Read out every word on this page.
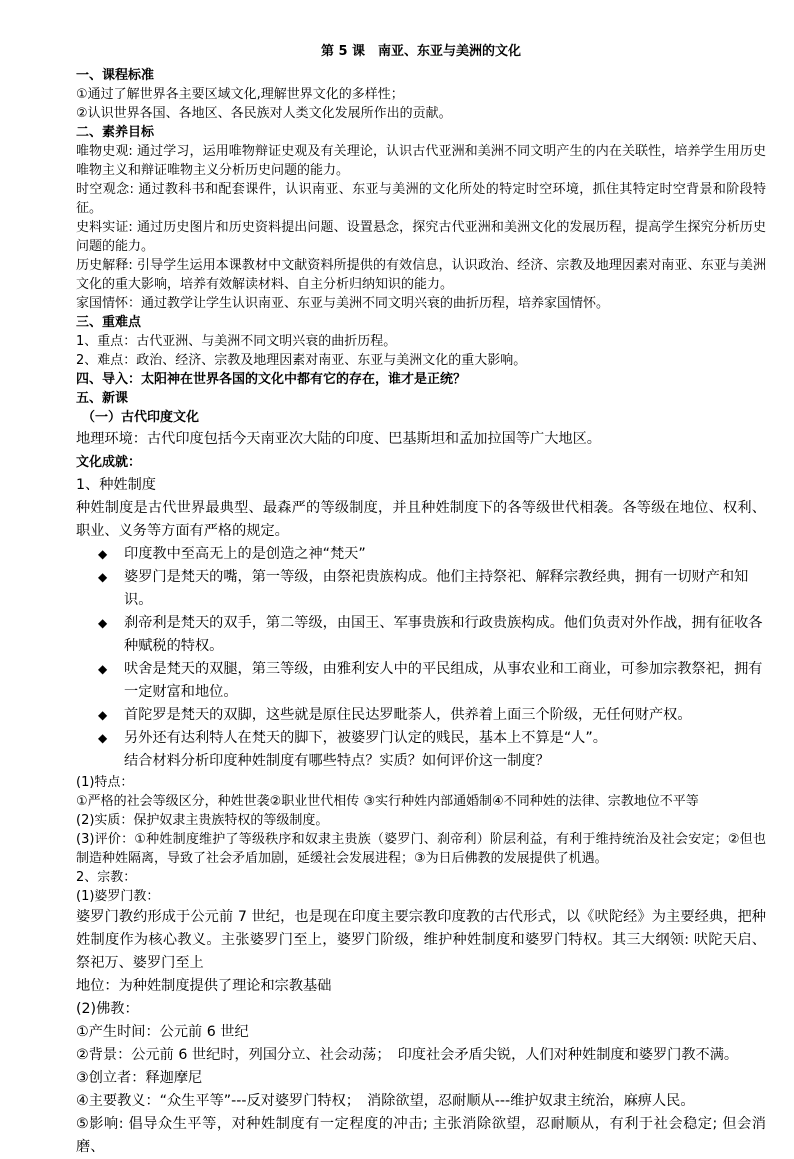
第 5 课　南亚、东亚与美洲的文化
一、课程标准
①通过了解世界各主要区域文化,理解世界文化的多样性；
②认识世界各国、各地区、各民族对人类文化发展所作出的贡献。
二、素养目标
唯物史观: 通过学习，运用唯物辩证史观及有关理论，认识古代亚洲和美洲不同文明产生的内在关联性，培养学生用历史唯物主义和辩证唯物主义分析历史问题的能力。
时空观念: 通过教科书和配套课件，认识南亚、东亚与美洲的文化所处的特定时空环境，抓住其特定时空背景和阶段特征。
史料实证: 通过历史图片和历史资料提出问题、设置悬念，探究古代亚洲和美洲文化的发展历程，提高学生探究分析历史问题的能力。
历史解释: 引导学生运用本课教材中文献资料所提供的有效信息，认识政治、经济、宗教及地理因素对南亚、东亚与美洲文化的重大影响，培养有效解读材料、自主分析归纳知识的能力。
家国情怀：通过教学让学生认识南亚、东亚与美洲不同文明兴衰的曲折历程，培养家国情怀。
三、重难点
1、重点：古代亚洲、与美洲不同文明兴衰的曲折历程。
2、难点：政治、经济、宗教及地理因素对南亚、东亚与美洲文化的重大影响。
四、导入：太阳神在世界各国的文化中都有它的存在，谁才是正统？
五、新课
（一）古代印度文化
地理环境：古代印度包括今天南亚次大陆的印度、巴基斯坦和孟加拉国等广大地区。
文化成就：
1、种姓制度
种姓制度是古代世界最典型、最森严的等级制度，并且种姓制度下的各等级世代相袭。各等级在地位、权利、职业、义务等方面有严格的规定。
◆ 印度教中至高无上的是创造之神“梵天”
◆ 婆罗门是梵天的嘴，第一等级，由祭祀贵族构成。他们主持祭祀、解释宗教经典，拥有一切财产和知识。
◆ 刹帝利是梵天的双手，第二等级，由国王、军事贵族和行政贵族构成。他们负责对外作战，拥有征收各种赋税的特权。
◆ 吠舍是梵天的双腿，第三等级，由雅利安人中的平民组成，从事农业和工商业，可参加宗教祭祀，拥有一定财富和地位。
◆ 首陀罗是梵天的双脚，这些就是原住民达罗毗荼人，供养着上面三个阶级，无任何财产权。
◆ 另外还有达利特人在梵天的脚下，被婆罗门认定的贱民，基本上不算是“人”。
结合材料分析印度种姓制度有哪些特点？实质？如何评价这一制度？
(1)特点：
①严格的社会等级区分，种姓世袭②职业世代相传 ③实行种姓内部通婚制④不同种姓的法律、宗教地位不平等
(2)实质：保护奴隶主贵族特权的等级制度。
(3)评价：①种姓制度维护了等级秩序和奴隶主贵族（婆罗门、刹帝利）阶层利益，有利于维持统治及社会安定；②但也制造种姓隔离，导致了社会矛盾加剧，延缓社会发展进程；③为日后佛教的发展提供了机遇。
2、宗教：
(1)婆罗门教：
婆罗门教约形成于公元前 7 世纪，也是现在印度主要宗教印度教的古代形式，以《吠陀经》为主要经典，把种姓制度作为核心教义。主张婆罗门至上，婆罗门阶级，维护种姓制度和婆罗门特权。其三大纲领: 吠陀天启、祭祀万、婆罗门至上
地位：为种姓制度提供了理论和宗教基础
(2)佛教：
①产生时间：公元前 6 世纪
②背景：公元前 6 世纪时，列国分立、社会动荡；　印度社会矛盾尖锐，人们对种姓制度和婆罗门教不满。
③创立者：释迦摩尼
④主要教义：“众生平等”---反对婆罗门特权；　消除欲望，忍耐顺从---维护奴隶主统治，麻痹人民。
⑤影响: 倡导众生平等，对种姓制度有一定程度的冲击; 主张消除欲望，忍耐顺从，有利于社会稳定; 但会消磨、
